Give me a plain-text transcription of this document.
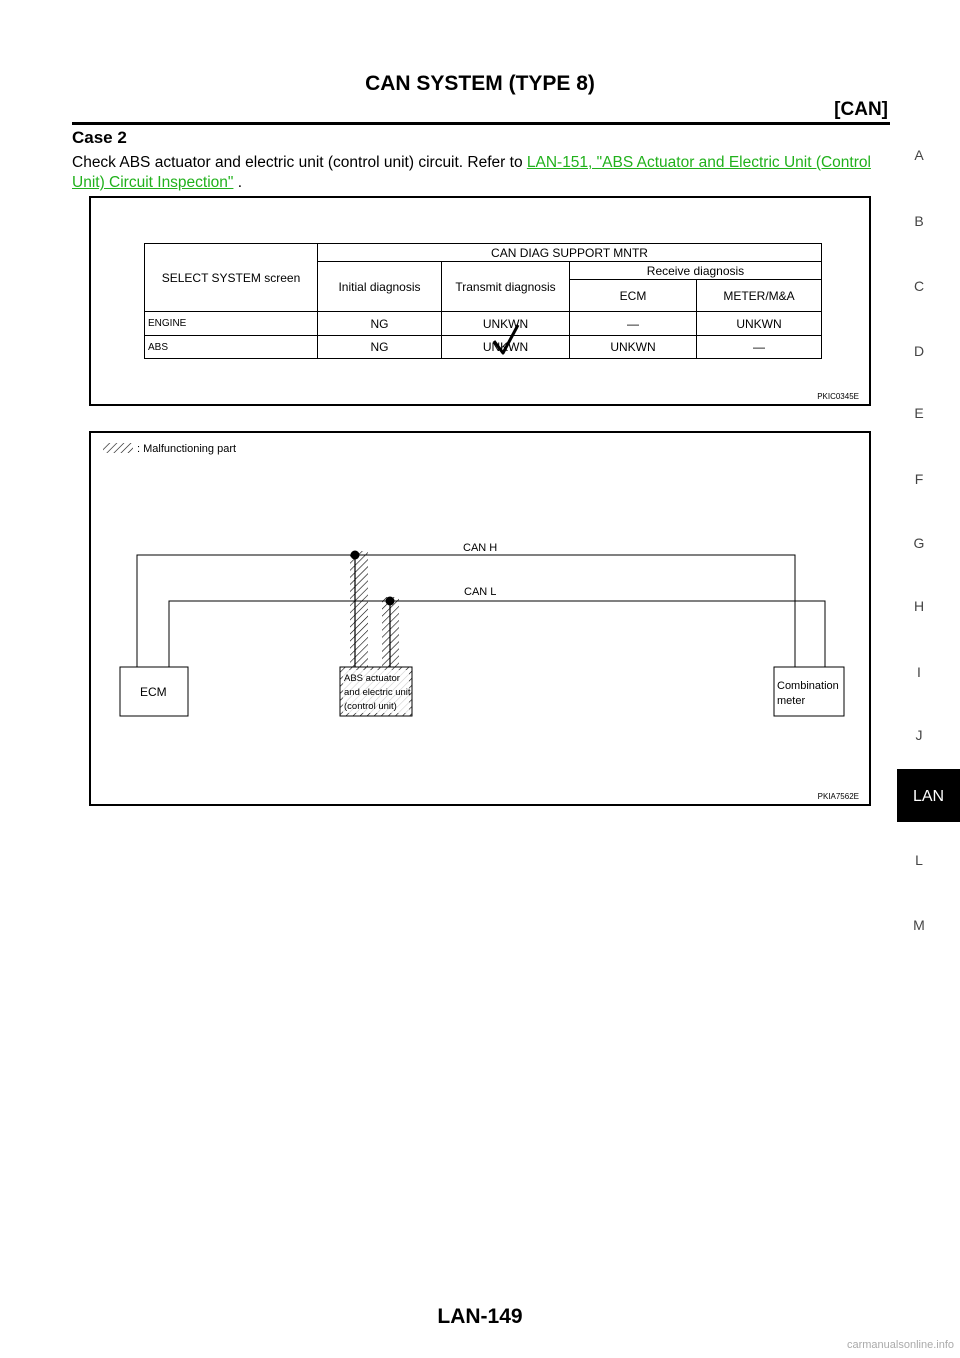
CAN SYSTEM (TYPE 8)
[CAN]
Case 2
Check ABS actuator and electric unit (control unit) circuit. Refer to LAN-151, "ABS Actuator and Electric Unit (Control Unit) Circuit Inspection" .
SELECT SYSTEM screen	CAN DIAG SUPPORT MNTR			
	Initial diagnosis	Transmit diagnosis	Receive diagnosis	
			ECM	METER/M&A
ENGINE	NG	UNKWN	—	UNKWN
ABS	NG	UNKWN	UNKWN	—
PKIC0345E
: Malfunctioning part
CAN H
CAN L
ECM
ABS actuator
and electric unit
(control unit)
Combination
meter
PKIA7562E
A
B
C
D
E
F
G
H
I
J
LAN
L
M
LAN-149
carmanualsonline.info
